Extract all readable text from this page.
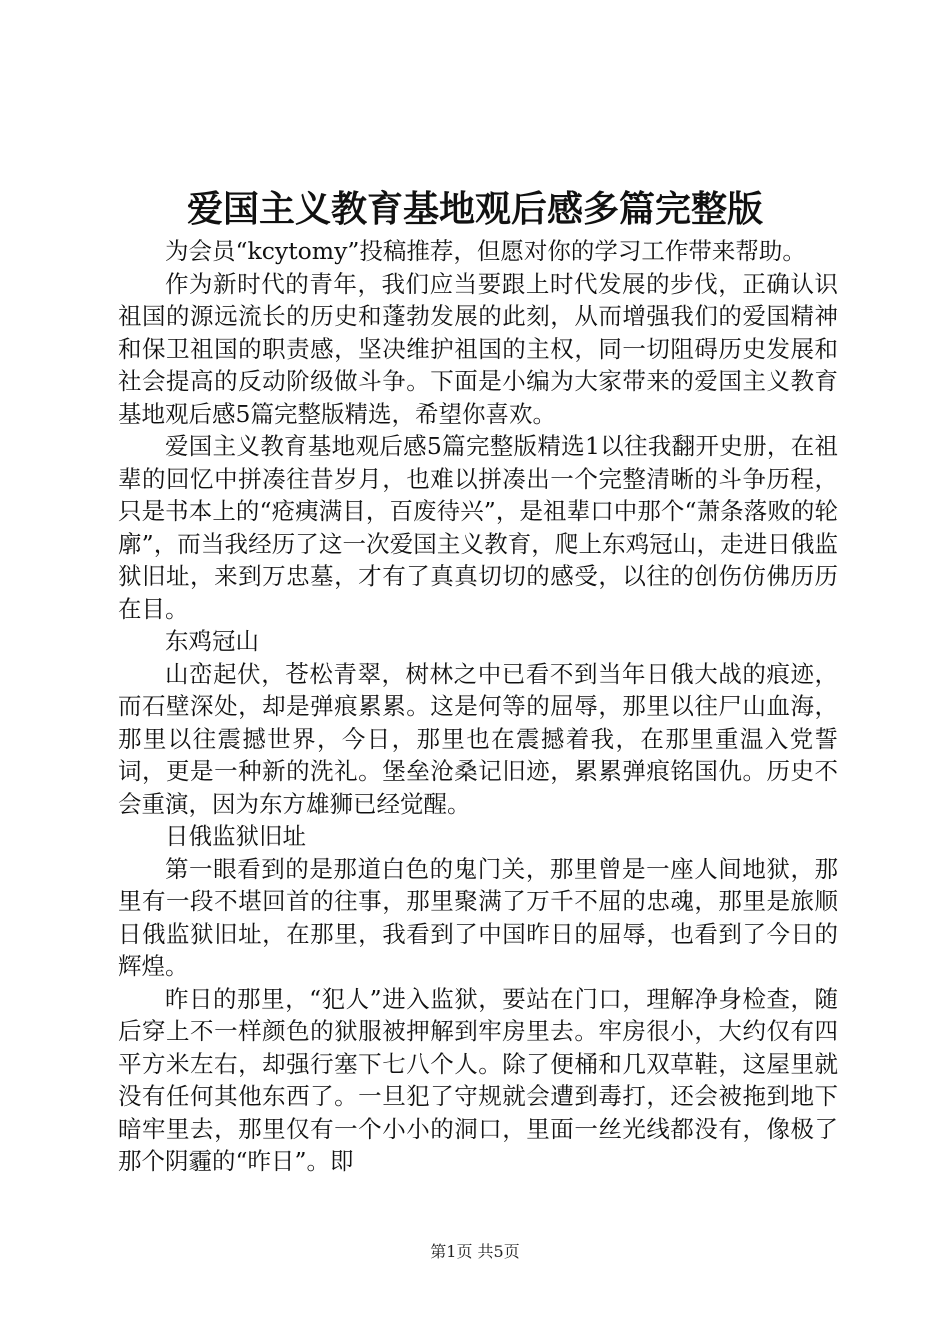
爱国主义教育基地观后感多篇完整版

为会员“kcytomy”投稿推荐，但愿对你的学习工作带来帮助。

作为新时代的青年，我们应当要跟上时代发展的步伐，正确认识祖国的源远流长的历史和蓬勃发展的此刻，从而增强我们的爱国精神和保卫祖国的职责感，坚决维护祖国的主权，同一切阻碍历史发展和社会提高的反动阶级做斗争。下面是小编为大家带来的爱国主义教育基地观后感5篇完整版精选，希望你喜欢。

爱国主义教育基地观后感5篇完整版精选1以往我翻开史册，在祖辈的回忆中拼凑往昔岁月，也难以拼凑出一个完整清晰的斗争历程，只是书本上的“疮痍满目，百废待兴”，是祖辈口中那个“萧条落败的轮廓”，而当我经历了这一次爱国主义教育，爬上东鸡冠山，走进日俄监狱旧址，来到万忠墓，才有了真真切切的感受，以往的创伤仿佛历历在目。

东鸡冠山

山峦起伏，苍松青翠，树林之中已看不到当年日俄大战的痕迹，而石壁深处，却是弹痕累累。这是何等的屈辱，那里以往尸山血海，那里以往震撼世界，今日，那里也在震撼着我，在那里重温入党誓词，更是一种新的洗礼。堡垒沧桑记旧迹，累累弹痕铭国仇。历史不会重演，因为东方雄狮已经觉醒。

日俄监狱旧址

第一眼看到的是那道白色的鬼门关，那里曾是一座人间地狱，那里有一段不堪回首的往事，那里聚满了万千不屈的忠魂，那里是旅顺日俄监狱旧址，在那里，我看到了中国昨日的屈辱，也看到了今日的辉煌。

昨日的那里，“犯人”进入监狱，要站在门口，理解净身检查，随后穿上不一样颜色的狱服被押解到牢房里去。牢房很小，大约仅有四平方米左右，却强行塞下七八个人。除了便桶和几双草鞋，这屋里就没有任何其他东西了。一旦犯了守规就会遭到毒打，还会被拖到地下暗牢里去，那里仅有一个小小的洞口，里面一丝光线都没有，像极了那个阴霾的“昨日”。即

第1页 共5页
